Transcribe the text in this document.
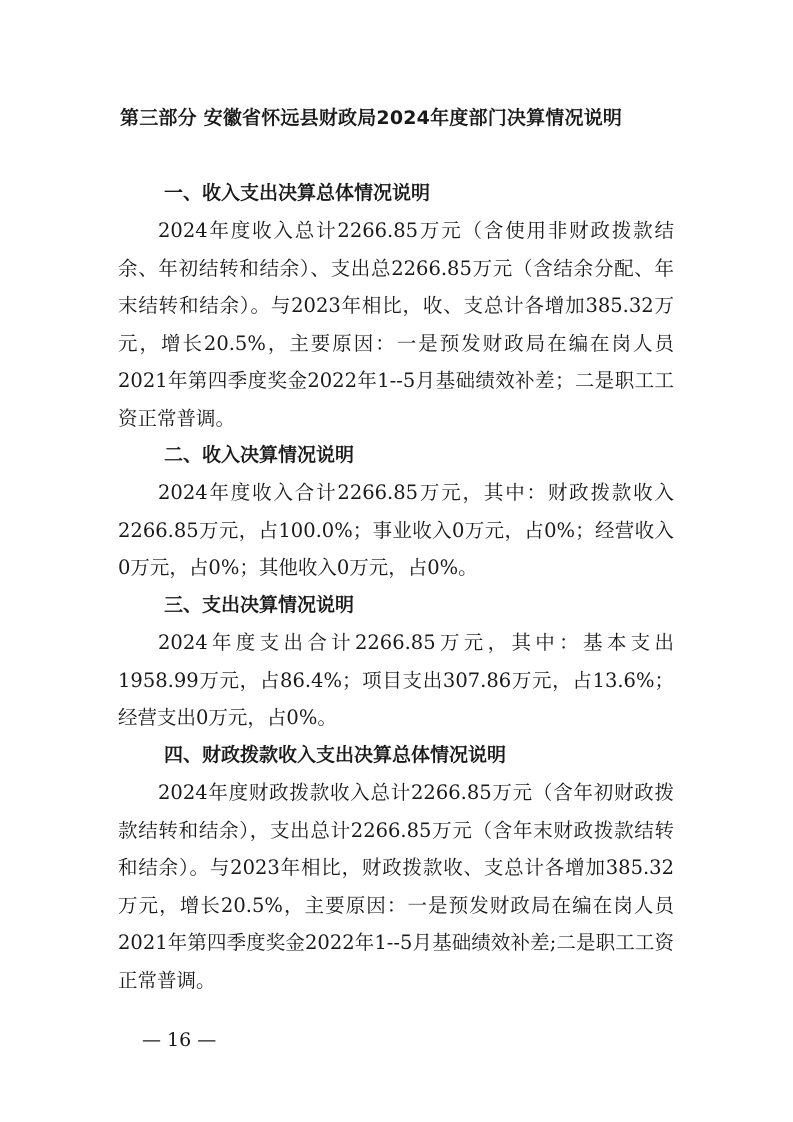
第三部分 安徽省怀远县财政局2024年度部门决算情况说明
一、收入支出决算总体情况说明

2024年度收入总计2266.85万元（含使用非财政拨款结余、年初结转和结余）、支出总2266.85万元（含结余分配、年末结转和结余）。与2023年相比，收、支总计各增加385.32万元，增长20.5%，主要原因：一是预发财政局在编在岗人员2021年第四季度奖金2022年1--5月基础绩效补差；二是职工工资正常普调。

二、收入决算情况说明

2024年度收入合计2266.85万元，其中：财政拨款收入2266.85万元，占100.0%；事业收入0万元，占0%；经营收入0万元，占0%；其他收入0万元，占0%。

三、支出决算情况说明

2024年度支出合计2266.85万元，其中：基本支出1958.99万元，占86.4%；项目支出307.86万元，占13.6%；经营支出0万元，占0%。

四、财政拨款收入支出决算总体情况说明

2024年度财政拨款收入总计2266.85万元（含年初财政拨款结转和结余），支出总计2266.85万元（含年末财政拨款结转和结余）。与2023年相比，财政拨款收、支总计各增加385.32万元，增长20.5%，主要原因：一是预发财政局在编在岗人员2021年第四季度奖金2022年1--5月基础绩效补差;二是职工工资正常普调。

— 16 —
